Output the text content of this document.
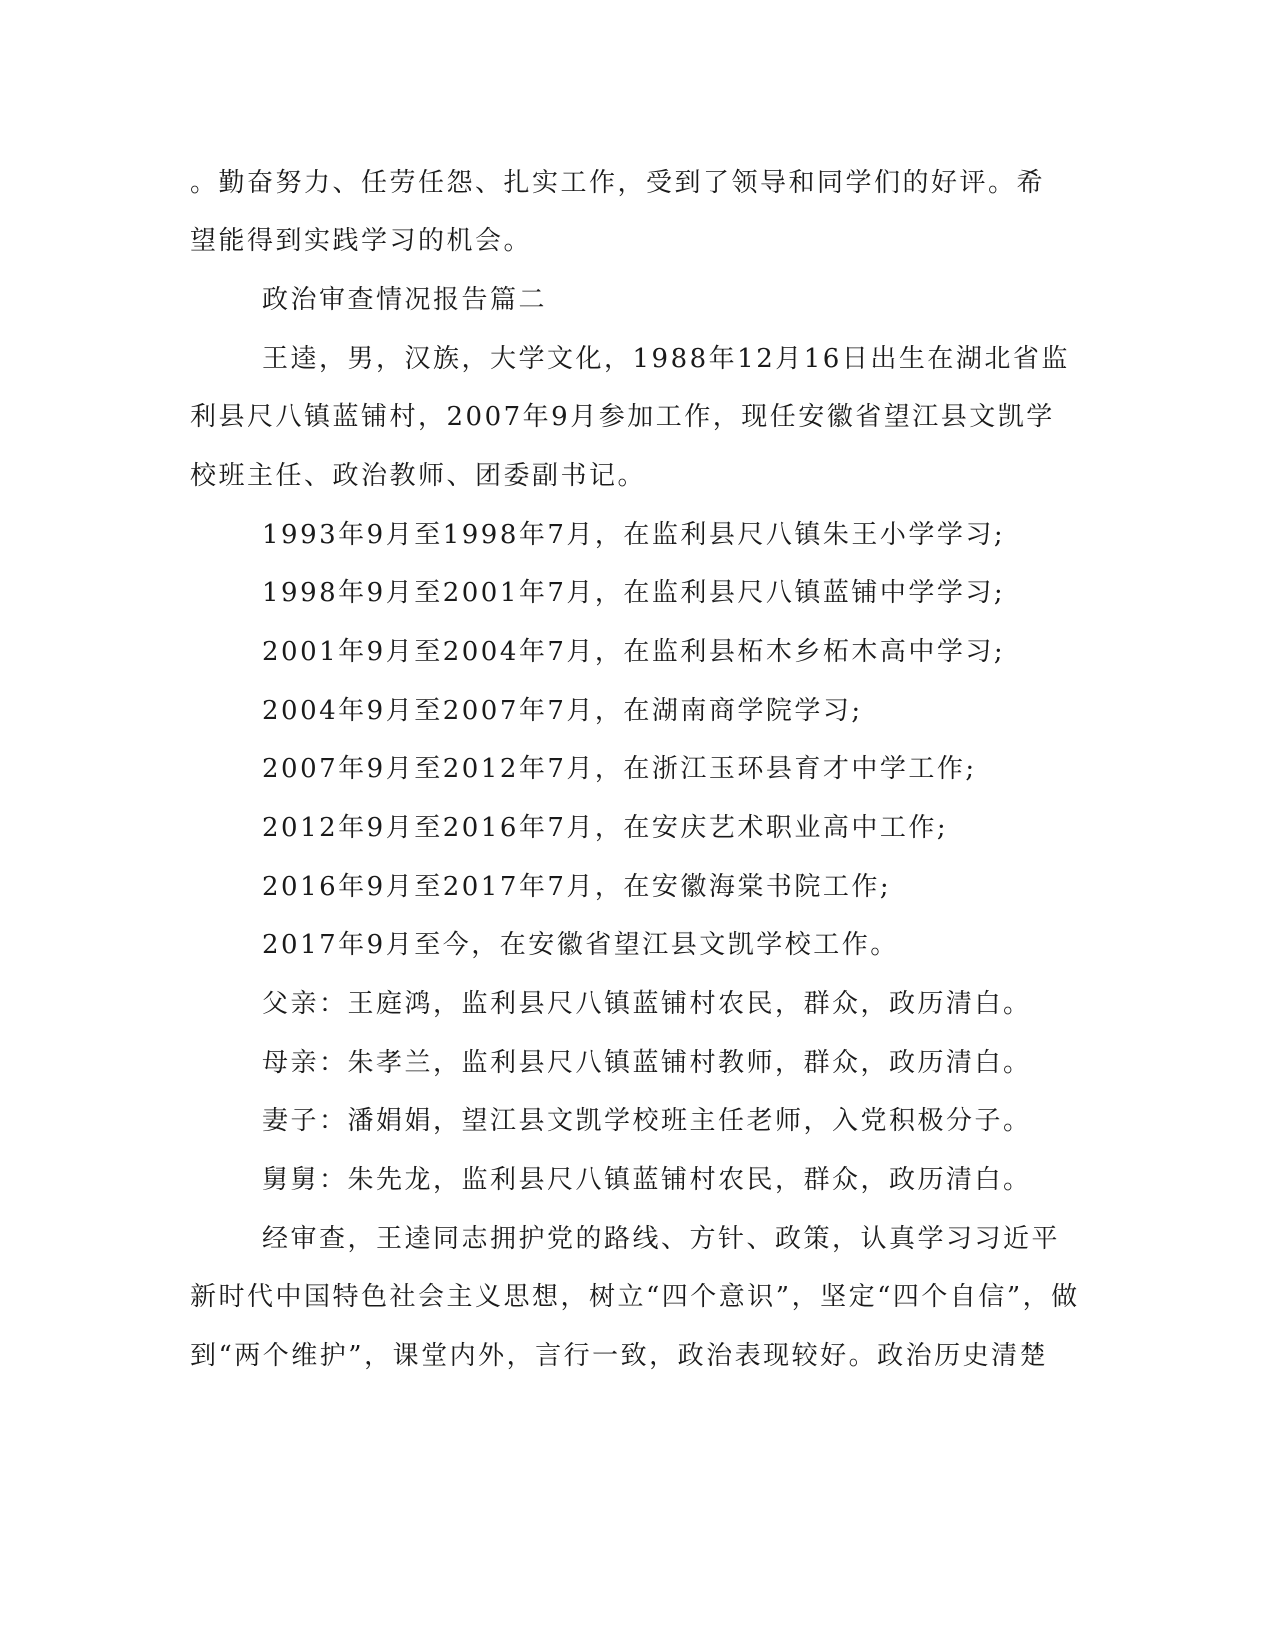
。勤奋努力、任劳任怨、扎实工作，受到了领导和同学们的好评。希
望能得到实践学习的机会。
政治审查情况报告篇二
王逵，男，汉族，大学文化，1988年12月16日出生在湖北省监
利县尺八镇蓝铺村，2007年9月参加工作，现任安徽省望江县文凯学
校班主任、政治教师、团委副书记。
1993年9月至1998年7月，在监利县尺八镇朱王小学学习;
1998年9月至2001年7月，在监利县尺八镇蓝铺中学学习;
2001年9月至2004年7月，在监利县柘木乡柘木高中学习;
2004年9月至2007年7月，在湖南商学院学习;
2007年9月至2012年7月，在浙江玉环县育才中学工作;
2012年9月至2016年7月，在安庆艺术职业高中工作;
2016年9月至2017年7月，在安徽海棠书院工作;
2017年9月至今，在安徽省望江县文凯学校工作。
父亲：王庭鸿，监利县尺八镇蓝铺村农民，群众，政历清白。
母亲：朱孝兰，监利县尺八镇蓝铺村教师，群众，政历清白。
妻子：潘娟娟，望江县文凯学校班主任老师，入党积极分子。
舅舅：朱先龙，监利县尺八镇蓝铺村农民，群众，政历清白。
经审查，王逵同志拥护党的路线、方针、政策，认真学习习近平
新时代中国特色社会主义思想，树立“四个意识”，坚定“四个自信”，做
到“两个维护”，课堂内外，言行一致，政治表现较好。政治历史清楚
